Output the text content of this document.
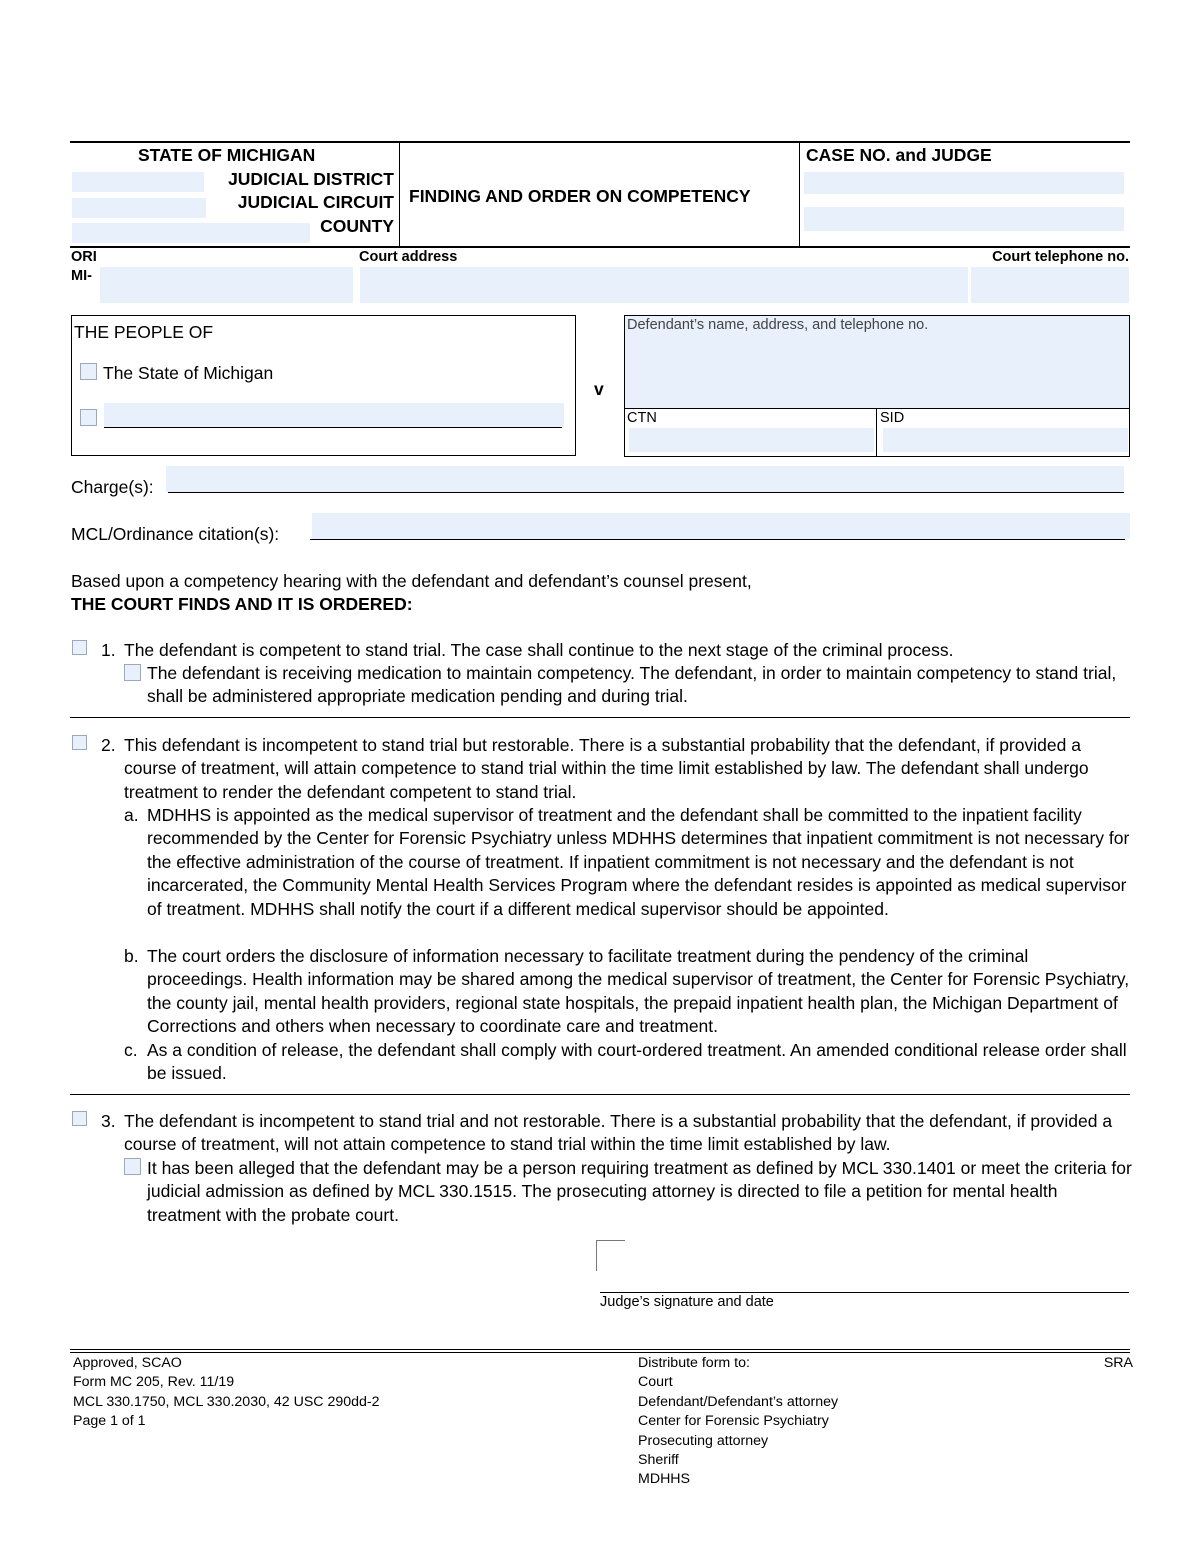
STATE OF MICHIGAN
JUDICIAL DISTRICT
JUDICIAL CIRCUIT
COUNTY
FINDING AND ORDER ON COMPETENCY
CASE NO. and JUDGE
ORI
MI-
Court address	Court telephone no.
THE PEOPLE OF
The State of Michigan
v
Defendant’s name, address, and telephone no.
CTN	SID
Charge(s):
MCL/Ordinance citation(s):
Based upon a competency hearing with the defendant and defendant’s counsel present,
THE COURT FINDS AND IT IS ORDERED:
1. The defendant is competent to stand trial. The case shall continue to the next stage of the criminal process.

The defendant is receiving medication to maintain competency. The defendant, in order to maintain competency to stand trial, shall be administered appropriate medication pending and during trial.

2. This defendant is incompetent to stand trial but restorable. There is a substantial probability that the defendant, if provided a course of treatment, will attain competence to stand trial within the time limit established by law. The defendant shall undergo treatment to render the defendant competent to stand trial.

a. MDHHS is appointed as the medical supervisor of treatment and the defendant shall be committed to the inpatient facility recommended by the Center for Forensic Psychiatry unless MDHHS determines that inpatient commitment is not necessary for the effective administration of the course of treatment. If inpatient commitment is not necessary and the defendant is not incarcerated, the Community Mental Health Services Program where the defendant resides is appointed as medical supervisor of treatment. MDHHS shall notify the court if a different medical supervisor should be appointed.

b. The court orders the disclosure of information necessary to facilitate treatment during the pendency of the criminal proceedings. Health information may be shared among the medical supervisor of treatment, the Center for Forensic Psychiatry, the county jail, mental health providers, regional state hospitals, the prepaid inpatient health plan, the Michigan Department of Corrections and others when necessary to coordinate care and treatment.

c. As a condition of release, the defendant shall comply with court-ordered treatment. An amended conditional release order shall be issued.

3. The defendant is incompetent to stand trial and not restorable. There is a substantial probability that the defendant, if provided a course of treatment, will not attain competence to stand trial within the time limit established by law.

It has been alleged that the defendant may be a person requiring treatment as defined by MCL 330.1401 or meet the criteria for judicial admission as defined by MCL 330.1515. The prosecuting attorney is directed to file a petition for mental health treatment with the probate court.

Judge’s signature and date
Approved, SCAO
Form MC 205, Rev. 11/19
MCL 330.1750, MCL 330.2030, 42 USC 290dd-2
Page 1 of 1
Distribute form to:
Court
Defendant/Defendant’s attorney
Center for Forensic Psychiatry
Prosecuting attorney
Sheriff
MDHHS
SRA
